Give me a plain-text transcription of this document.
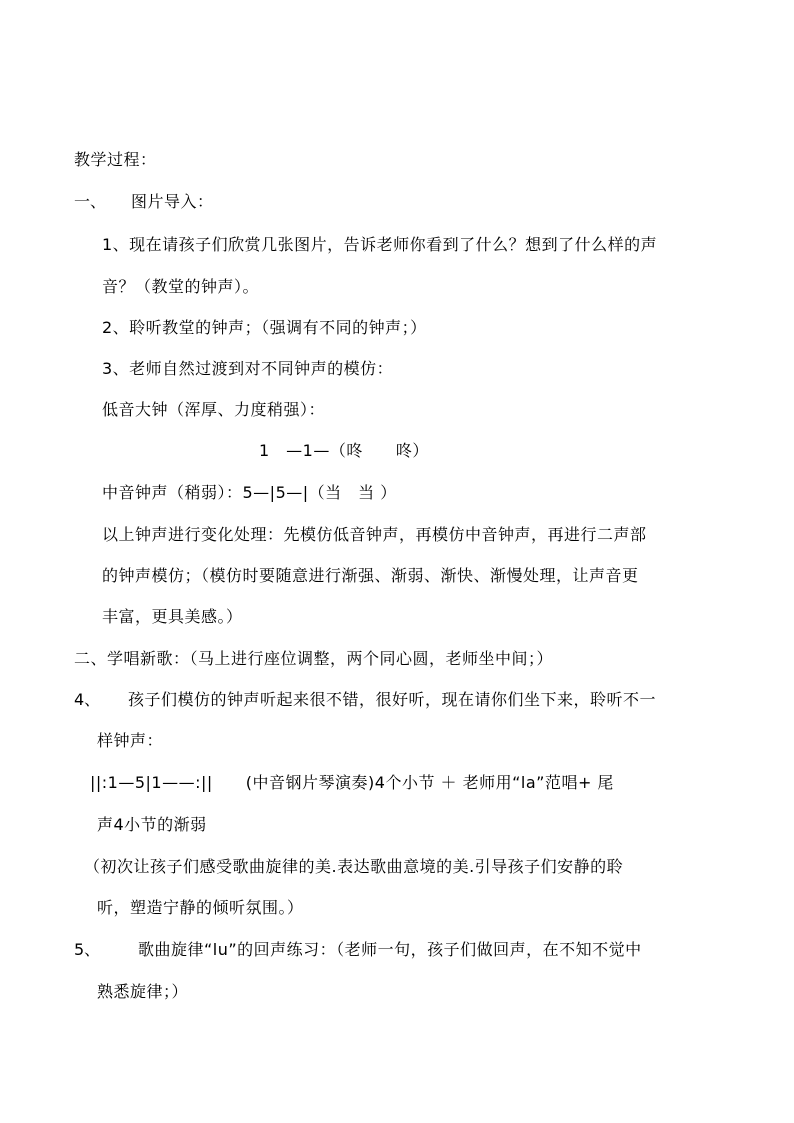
教学过程：
一、 图片导入：
1、现在请孩子们欣赏几张图片，告诉老师你看到了什么？想到了什么样的声
音？（教堂的钟声）。
2、聆听教堂的钟声；（强调有不同的钟声；）
3、老师自然过渡到对不同钟声的模仿：
低音大钟（浑厚、力度稍强）：
1　—1—（咚　　咚）
中音钟声（稍弱）：5—|5—|（当　当 ）
以上钟声进行变化处理：先模仿低音钟声，再模仿中音钟声，再进行二声部
的钟声模仿；（模仿时要随意进行渐强、渐弱、渐快、渐慢处理，让声音更
丰富，更具美感。）
二、学唱新歌：（马上进行座位调整，两个同心圆，老师坐中间；）
4、 孩子们模仿的钟声听起来很不错，很好听，现在请你们坐下来，聆听不一
样钟声：
||:1—5|1——:||　　(中音钢片琴演奏)4个小节 ＋ 老师用“la”范唱+ 尾
声4小节的渐弱
（初次让孩子们感受歌曲旋律的美.表达歌曲意境的美.引导孩子们安静的聆
听，塑造宁静的倾听氛围。）
5、 歌曲旋律“lu”的回声练习：（老师一句，孩子们做回声，在不知不觉中
熟悉旋律；）
